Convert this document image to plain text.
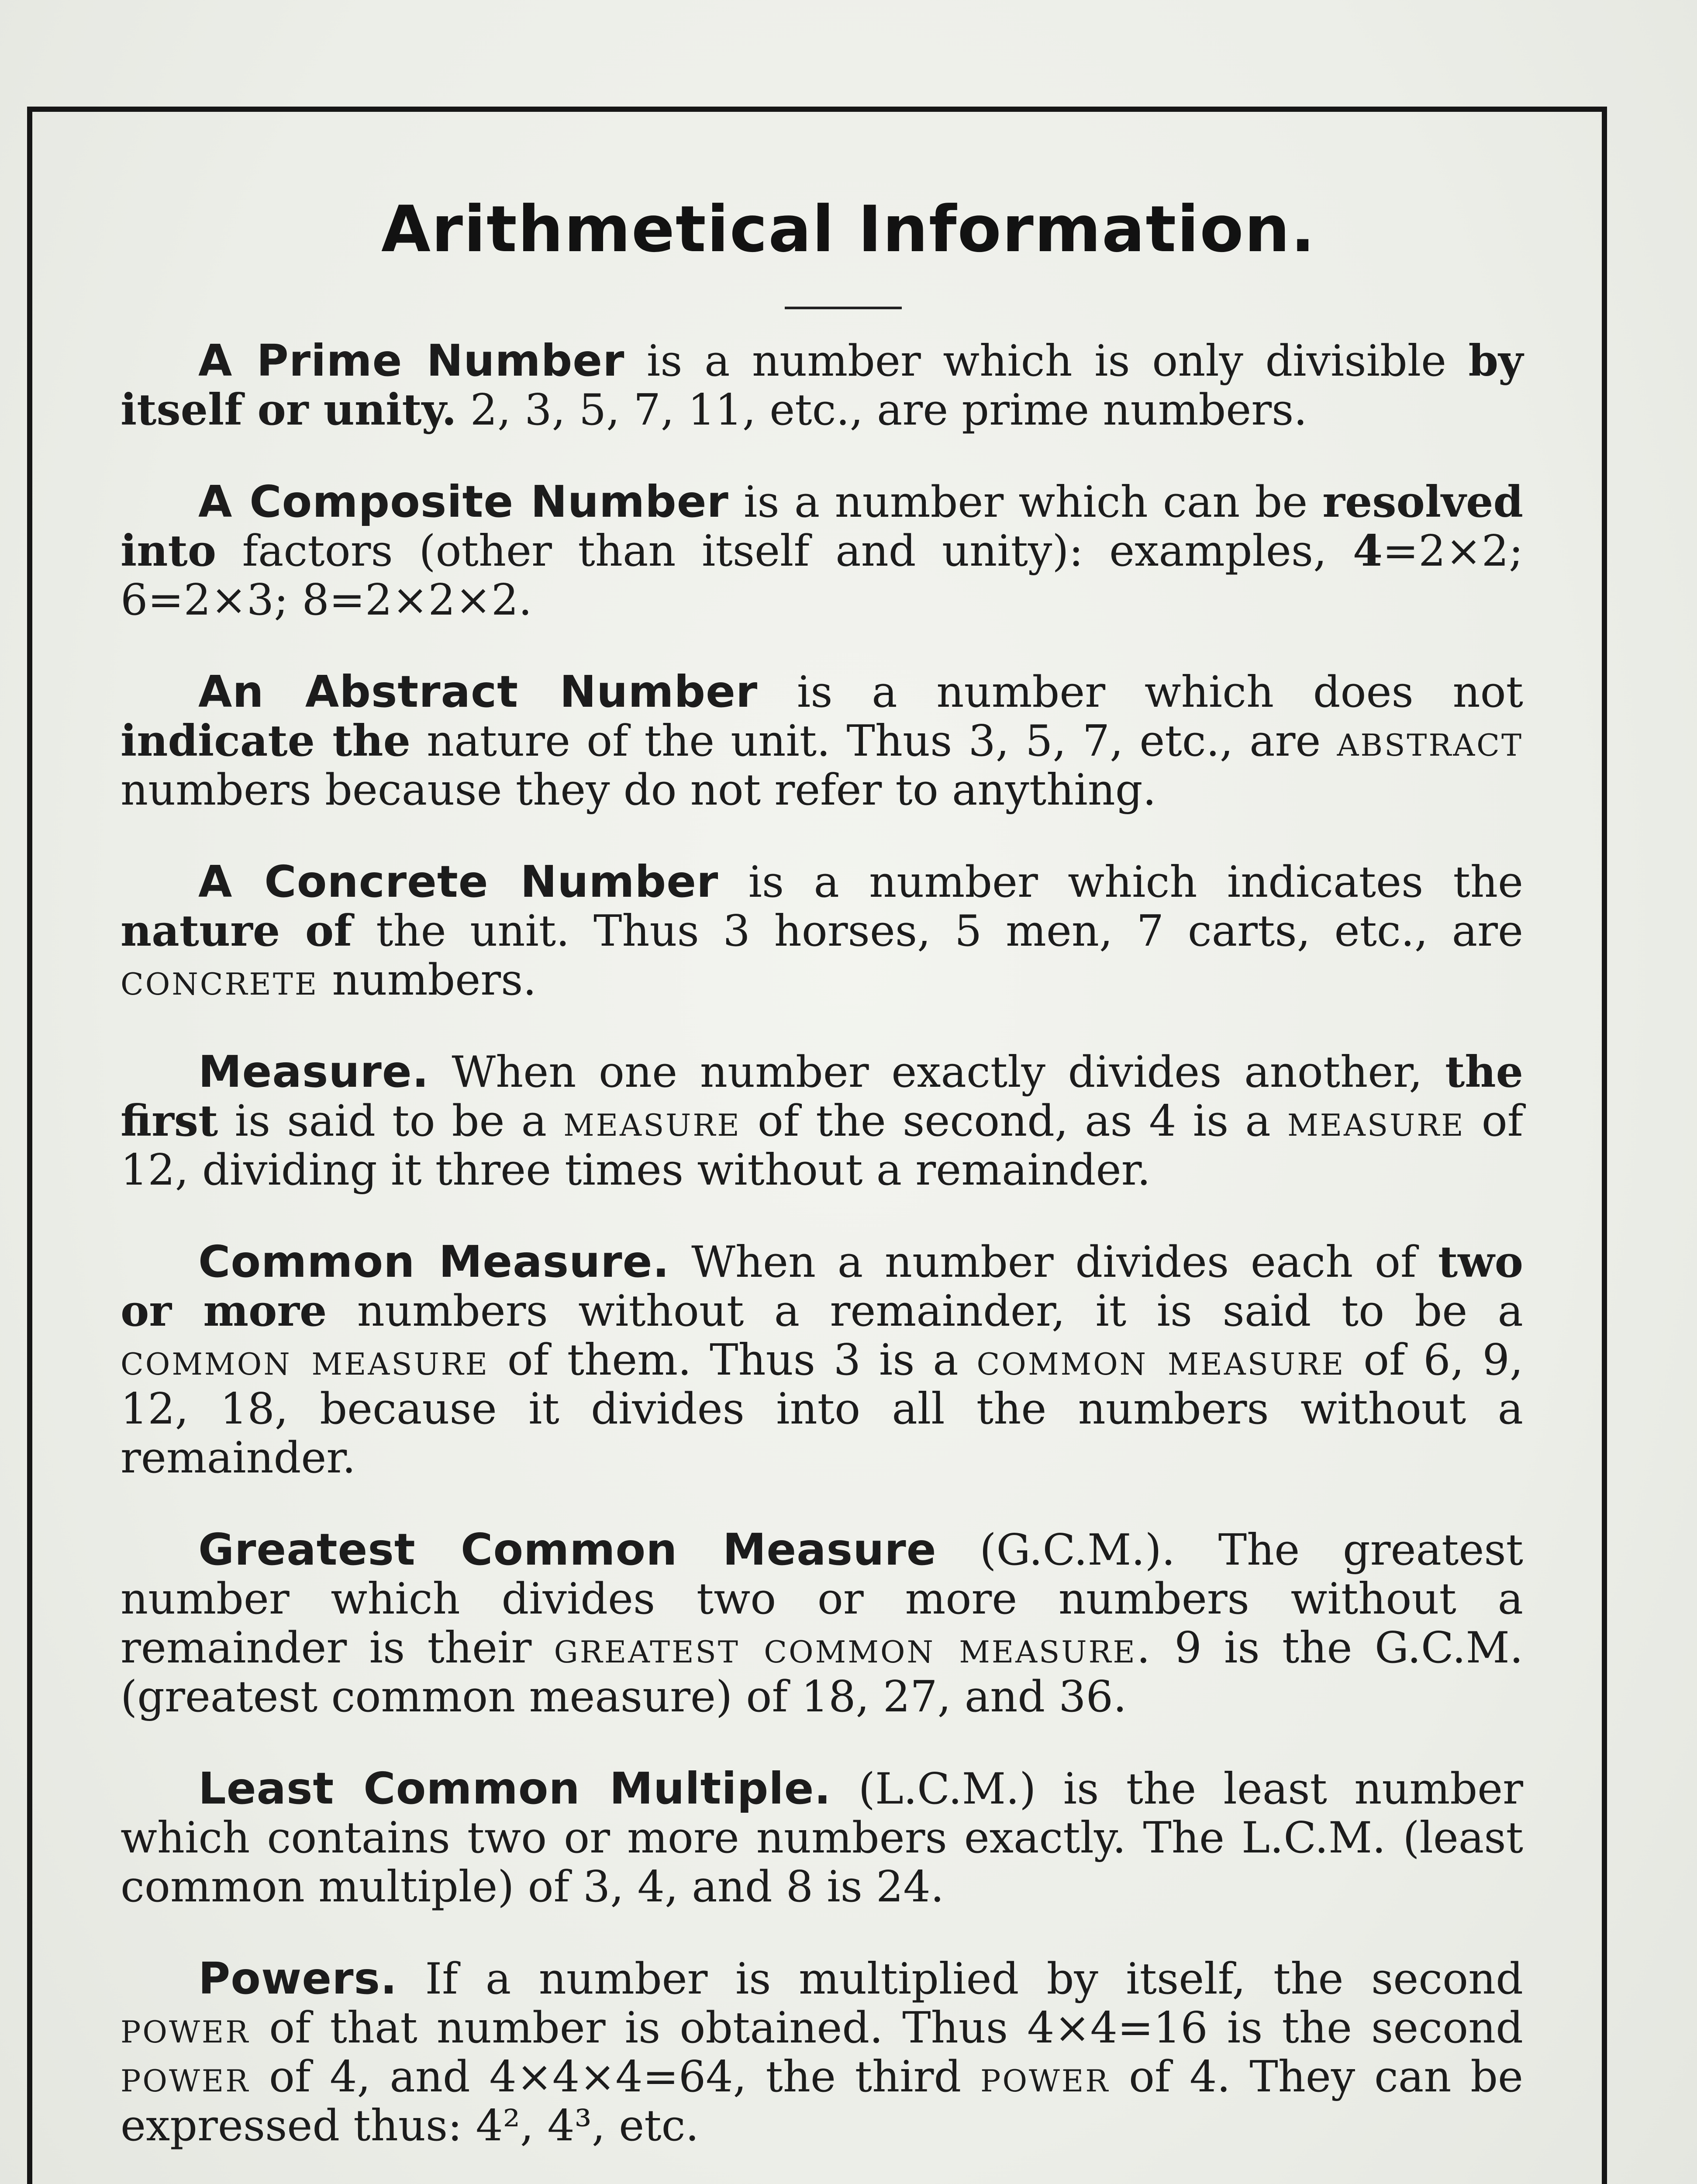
Arithmetical Information.

A Prime Number is a number which is only divisible by itself or unity. 2, 3, 5, 7, 11, etc., are prime numbers.

A Composite Number is a number which can be resolved into factors (other than itself and unity): examples, 4=2×2; 6=2×3; 8=2×2×2.

An Abstract Number is a number which does not indicate the nature of the unit. Thus 3, 5, 7, etc., are abstract numbers because they do not refer to anything.

A Concrete Number is a number which indicates the nature of the unit. Thus 3 horses, 5 men, 7 carts, etc., are concrete numbers.

Measure. When one number exactly divides another, the first is said to be a measure of the second, as 4 is a measure of 12, dividing it three times without a remainder.

Common Measure. When a number divides each of two or more numbers without a remainder, it is said to be a common measure of them. Thus 3 is a common measure of 6, 9, 12, 18, because it divides into all the numbers without a remainder.

Greatest Common Measure (G.C.M.). The greatest number which divides two or more numbers without a remainder is their greatest common measure. 9 is the G.C.M. (greatest common measure) of 18, 27, and 36.

Least Common Multiple. (L.C.M.) is the least number which contains two or more numbers exactly. The L.C.M. (least common multiple) of 3, 4, and 8 is 24.

Powers. If a number is multiplied by itself, the second power of that number is obtained. Thus 4×4=16 is the second power of 4, and 4×4×4=64, the third power of 4. They can be expressed thus: 4², 4³, etc.
